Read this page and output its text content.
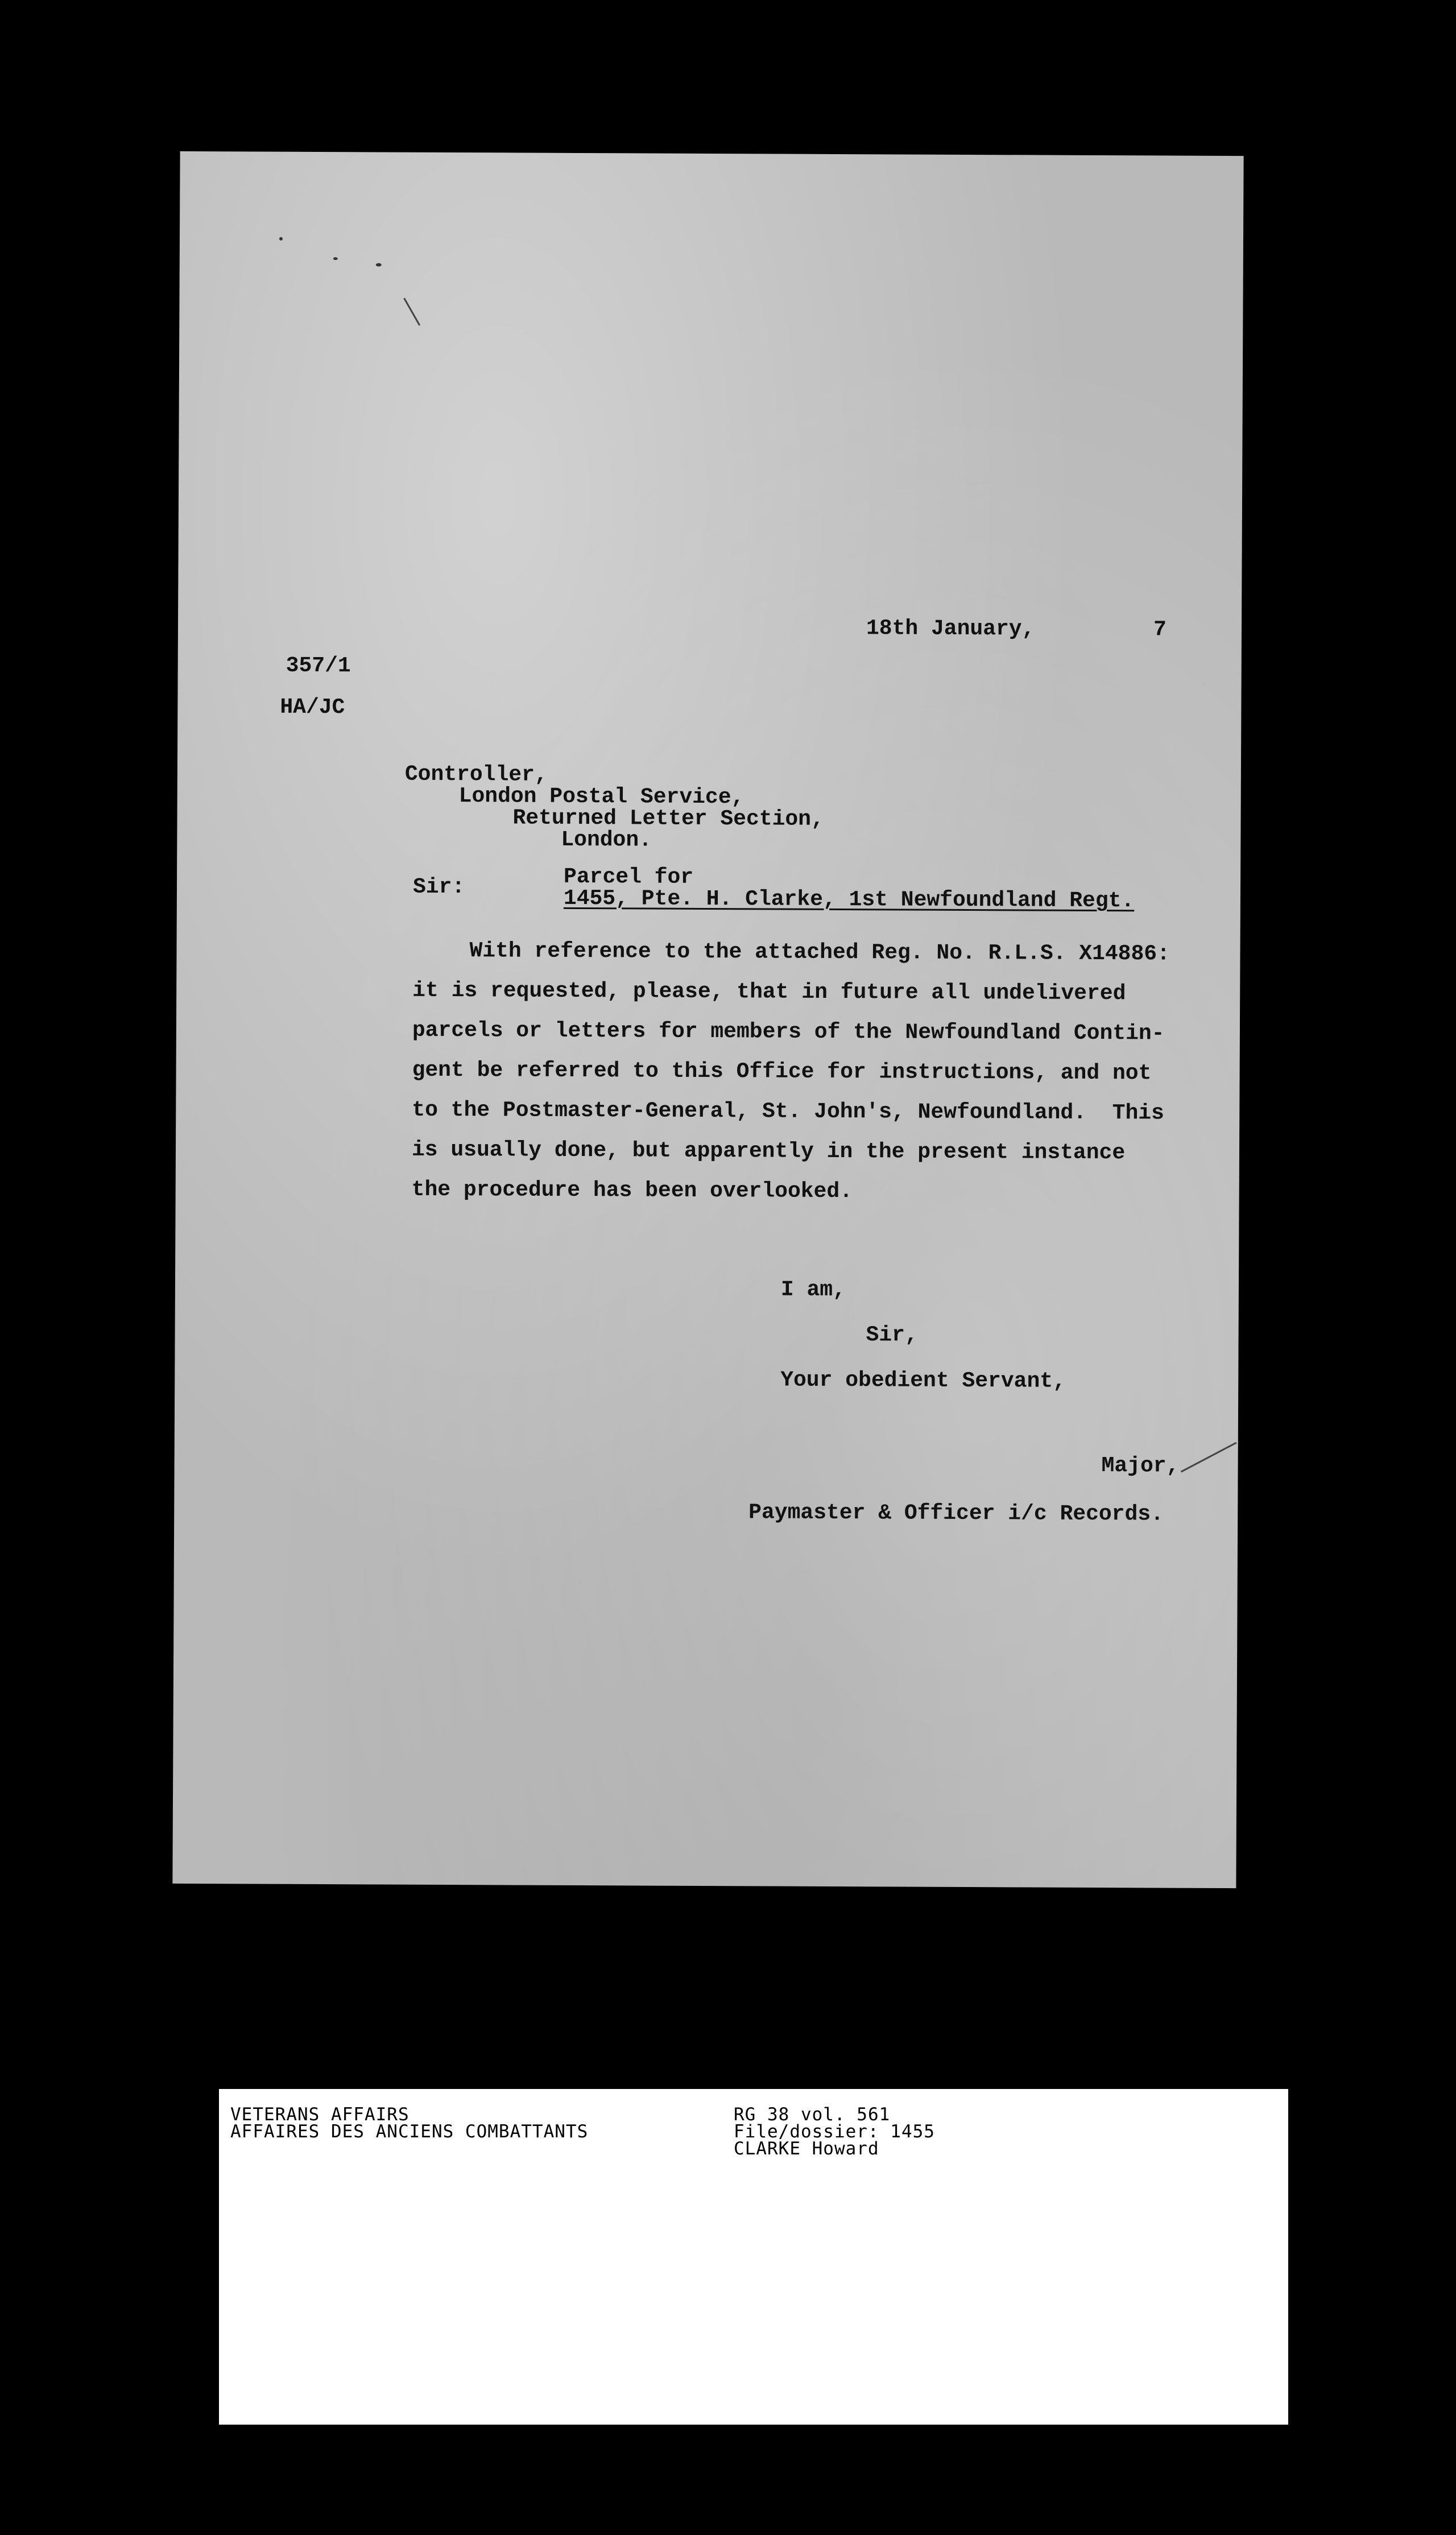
18th January,	7

357/1

HA/JC

Controller,

London Postal Service,

Returned Letter Section,

London.

Sir:	Parcel for

1455, Pte. H. Clarke, 1st Newfoundland Regt.

With reference to the attached Reg. No. R.L.S. X14886:

it is requested, please, that in future all undelivered

parcels or letters for members of the Newfoundland Contin-

gent be referred to this Office for instructions, and not

to the Postmaster-General, St. John's, Newfoundland.  This

is usually done, but apparently in the present instance

the procedure has been overlooked.

I am,

Sir,

Your obedient Servant,

Major,

Paymaster & Officer i/c Records.

VETERANS AFFAIRS

AFFAIRES DES ANCIENS COMBATTANTS

RG 38 vol. 561

File/dossier: 1455

CLARKE Howard
